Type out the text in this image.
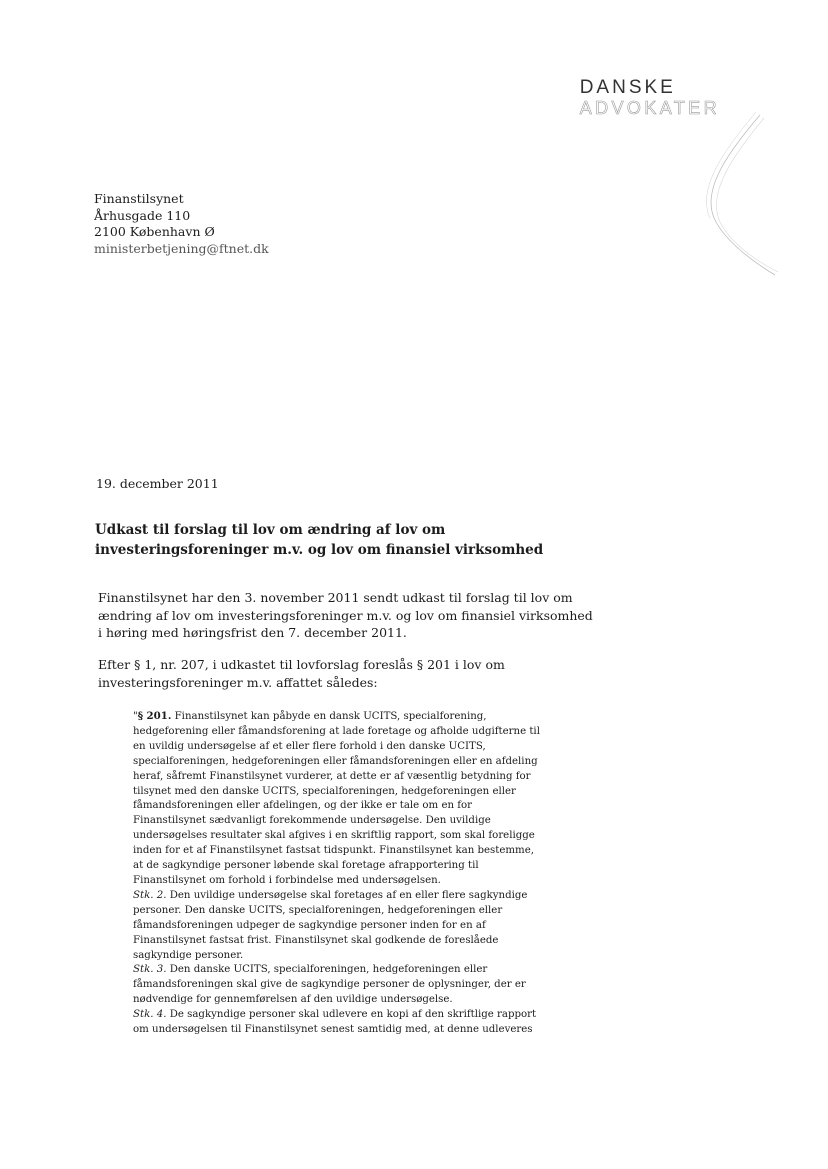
DANSKE
ADVOKATER
Finanstilsynet
Århusgade 110
2100 København Ø
ministerbetjening@ftnet.dk
19. december 2011
Udkast til forslag til lov om ændring af lov om investeringsforeninger m.v. og lov om finansiel virksomhed
Finanstilsynet har den 3. november 2011 sendt udkast til forslag til lov om ændring af lov om investeringsforeninger m.v. og lov om finansiel virksomhed i høring med høringsfrist den 7. december 2011.
Efter § 1, nr. 207, i udkastet til lovforslag foreslås § 201 i lov om investeringsforeninger m.v. affattet således:
"§ 201. Finanstilsynet kan påbyde en dansk UCITS, specialforening, hedgeforening eller fåmandsforening at lade foretage og afholde udgifterne til en uvildig undersøgelse af et eller flere forhold i den danske UCITS, specialforeningen, hedgeforeningen eller fåmandsforeningen eller en afdeling heraf, såfremt Finanstilsynet vurderer, at dette er af væsentlig betydning for tilsynet med den danske UCITS, specialforeningen, hedgeforeningen eller fåmandsforeningen eller afdelingen, og der ikke er tale om en for Finanstilsynet sædvanligt forekommende undersøgelse. Den uvildige undersøgelses resultater skal afgives i en skriftlig rapport, som skal foreligge inden for et af Finanstilsynet fastsat tidspunkt. Finanstilsynet kan bestemme, at de sagkyndige personer løbende skal foretage afrapportering til Finanstilsynet om forhold i forbindelse med undersøgelsen.
Stk. 2. Den uvildige undersøgelse skal foretages af en eller flere sagkyndige personer. Den danske UCITS, specialforeningen, hedgeforeningen eller fåmandsforeningen udpeger de sagkyndige personer inden for en af Finanstilsynet fastsat frist. Finanstilsynet skal godkende de foreslåede sagkyndige personer.
Stk. 3. Den danske UCITS, specialforeningen, hedgeforeningen eller fåmandsforeningen skal give de sagkyndige personer de oplysninger, der er nødvendige for gennemførelsen af den uvildige undersøgelse.
Stk. 4. De sagkyndige personer skal udlevere en kopi af den skriftlige rapport om undersøgelsen til Finanstilsynet senest samtidig med, at denne udleveres
